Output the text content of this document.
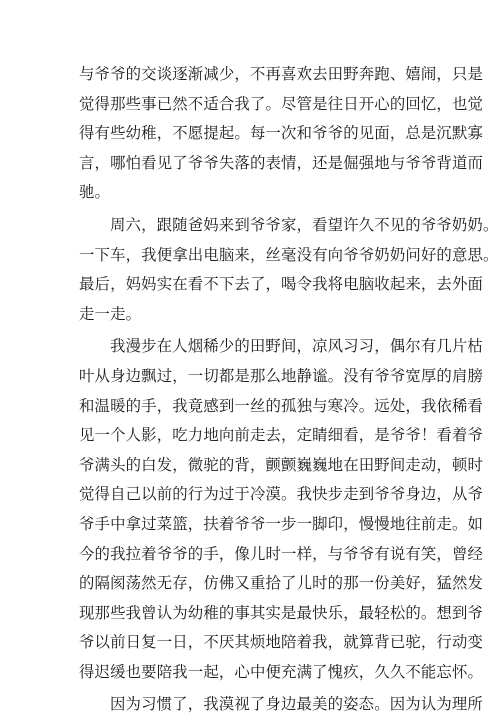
与爷爷的交谈逐渐减少，不再喜欢去田野奔跑、嬉闹，只是
觉得那些事已然不适合我了。尽管是往日开心的回忆，也觉
得有些幼稚，不愿提起。每一次和爷爷的见面，总是沉默寡
言，哪怕看见了爷爷失落的表情，还是倔强地与爷爷背道而
驰。
周六，跟随爸妈来到爷爷家，看望许久不见的爷爷奶奶。
一下车，我便拿出电脑来，丝毫没有向爷爷奶奶问好的意思。
最后，妈妈实在看不下去了，喝令我将电脑收起来，去外面
走一走。
我漫步在人烟稀少的田野间，凉风习习，偶尔有几片枯
叶从身边飘过，一切都是那么地静谧。没有爷爷宽厚的肩膀
和温暖的手，我竟感到一丝的孤独与寒冷。远处，我依稀看
见一个人影，吃力地向前走去，定睛细看，是爷爷！看着爷
爷满头的白发，微驼的背，颤颤巍巍地在田野间走动，顿时
觉得自己以前的行为过于冷漠。我快步走到爷爷身边，从爷
爷手中拿过菜篮，扶着爷爷一步一脚印，慢慢地往前走。如
今的我拉着爷爷的手，像儿时一样，与爷爷有说有笑，曾经
的隔阂荡然无存，仿佛又重拾了儿时的那一份美好，猛然发
现那些我曾认为幼稚的事其实是最快乐，最轻松的。想到爷
爷以前日复一日，不厌其烦地陪着我，就算背已驼，行动变
得迟缓也要陪我一起，心中便充满了愧疚，久久不能忘怀。
因为习惯了，我漠视了身边最美的姿态。因为认为理所
